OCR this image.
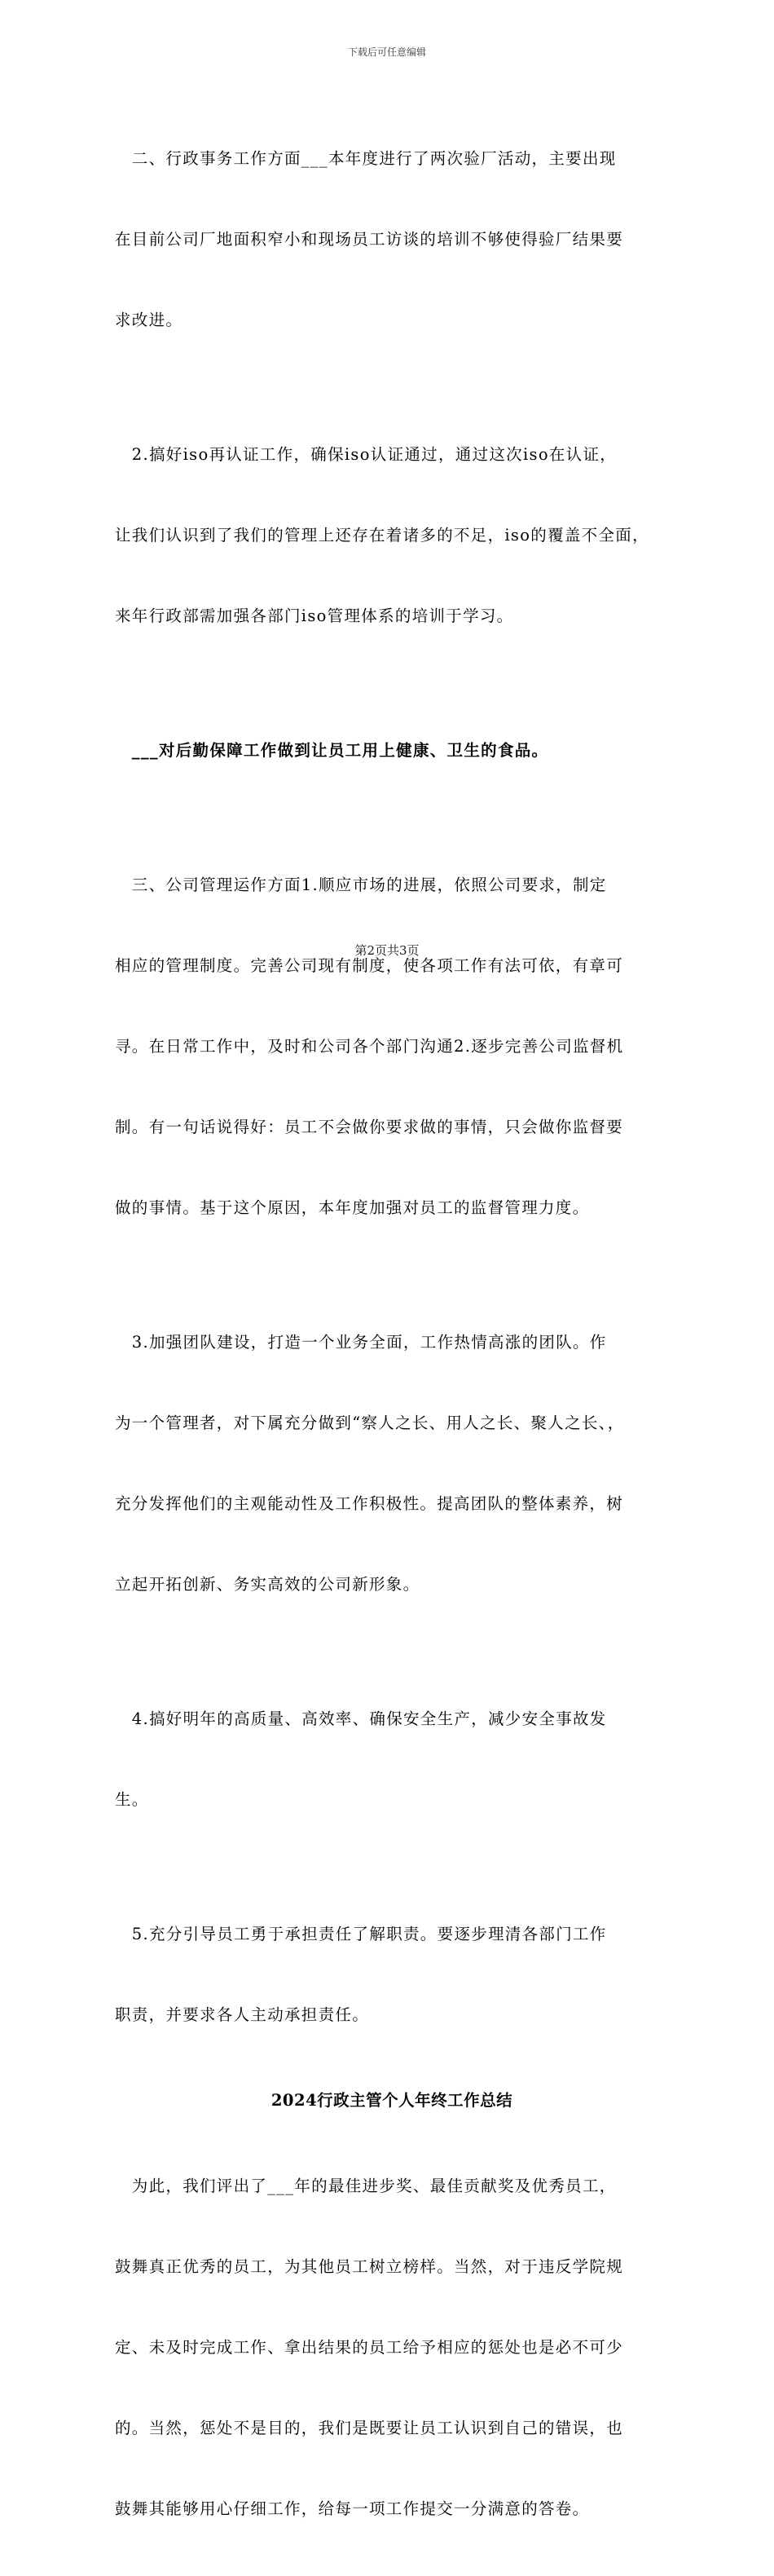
下载后可任意编辑

　二、行政事务工作方面___本年度进行了两次验厂活动，主要出现

在目前公司厂地面积窄小和现场员工访谈的培训不够使得验厂结果要

求改进。

　2.搞好iso再认证工作，确保iso认证通过，通过这次iso在认证，

让我们认识到了我们的管理上还存在着诸多的不足，iso的覆盖不全面，

来年行政部需加强各部门iso管理体系的培训于学习。

　___对后勤保障工作做到让员工用上健康、卫生的食品。

　三、公司管理运作方面1.顺应市场的进展，依照公司要求，制定

相应的管理制度。完善公司现有制度，使各项工作有法可依，有章可

寻。在日常工作中，及时和公司各个部门沟通2.逐步完善公司监督机

制。有一句话说得好：员工不会做你要求做的事情，只会做你监督要

做的事情。基于这个原因，本年度加强对员工的监督管理力度。

　3.加强团队建设，打造一个业务全面，工作热情高涨的团队。作

为一个管理者，对下属充分做到“察人之长、用人之长、聚人之长、，

充分发挥他们的主观能动性及工作积极性。提高团队的整体素养，树

立起开拓创新、务实高效的公司新形象。

　4.搞好明年的高质量、高效率、确保安全生产，减少安全事故发

生。

　5.充分引导员工勇于承担责任了解职责。要逐步理清各部门工作

职责，并要求各人主动承担责任。

2024行政主管个人年终工作总结

　为此，我们评出了___年的最佳进步奖、最佳贡献奖及优秀员工，

鼓舞真正优秀的员工，为其他员工树立榜样。当然，对于违反学院规

定、未及时完成工作、拿出结果的员工给予相应的惩处也是必不可少

的。当然，惩处不是目的，我们是既要让员工认识到自己的错误，也

鼓舞其能够用心仔细工作，给每一项工作提交一分满意的答卷。

第2页共3页
